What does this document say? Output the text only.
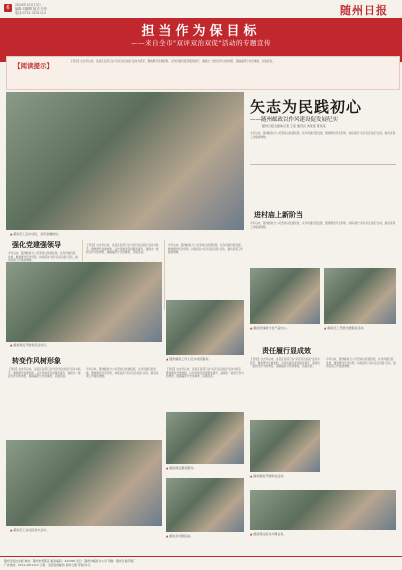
6	2024年10月13日
编辑:刘鹏辉 版式:吕彤
电话:0722-3251113	随州日报
担当作为保目标
——来自全市"双评双治双促"活动的专题宣传
【阅读提示】
【导读】自去年以来，各县区各部门以"双评双治双促"活动为抓手，聚焦群众急难愁盼，以作风建设促进服务提升，涌现出一批担当作为的典型，现摘编部分先进事迹，以飨读者。
▲ 邮政员工走访村民，宣传金融知识。
矢志为民践初心
——随州邮政以作风建设促发展纪实
随州日报全媒体记者 王某 通讯员 刘某某 陈某某
今年以来，随州邮政分公司坚持以党建统领，以作风建设促发展，聚焦群众所急所盼，持续深化"双评双治双促"活动，推动各项工作提质增效。
进村庙上新阶当
今年以来，随州邮政分公司坚持以党建统领，以作风建设促发展，聚焦群众所急所盼，持续深化"双评双治双促"活动，推动各项工作提质增效。
强化党建强领导
今年以来，随州邮政分公司坚持以党建统领，以作风建设促发展，聚焦群众所急所盼，持续深化"双评双治双促"活动，推动各项工作提质增效。
【导读】自去年以来，各县区各部门以"双评双治双促"活动为抓手，聚焦群众急难愁盼，以作风建设促进服务提升，涌现出一批担当作为的典型，现摘编部分先进事迹，以飨读者。
今年以来，随州邮政分公司坚持以党建统领，以作风建设促发展，聚焦群众所急所盼，持续深化"双评双治双促"活动，推动各项工作提质增效。
▲ 邮政网点开展党员活动日。
▲ 随州邮政工作人员为村民服务。
▲ 邮政快递助力农产品出山。
▲	邮政员工开展志愿服务活动。
责任履行显成效
【导读】自去年以来，各县区各部门以"双评双治双促"活动为抓手，聚焦群众急难愁盼，以作风建设促进服务提升，涌现出一批担当作为的典型，现摘编部分先进事迹，以飨读者。
今年以来，随州邮政分公司坚持以党建统领，以作风建设促发展，聚焦群众所急所盼，持续深化"双评双治双促"活动，推动各项工作提质增效。
转变作风树形象
【导读】自去年以来，各县区各部门以"双评双治双促"活动为抓手，聚焦群众急难愁盼，以作风建设促进服务提升，涌现出一批担当作为的典型，现摘编部分先进事迹，以飨读者。
今年以来，随州邮政分公司坚持以党建统领，以作风建设促发展，聚焦群众所急所盼，持续深化"双评双治双促"活动，推动各项工作提质增效。
【导读】自去年以来，各县区各部门以"双评双治双促"活动为抓手，聚焦群众急难愁盼，以作风建设促进服务提升，涌现出一批担当作为的典型，现摘编部分先进事迹，以飨读者。
▲ 邮政网点服务群众。
▲ 邮政乡村揽投站。
▲ 邮政员工在村民家中走访。
▲ 随州邮政开展助农活动。
▲ 邮政网点柜台办理业务。
随州日报社出版 地址：随州市曾都区 邮政编码：441300 发行：随州市邮政分公司 印刷：随州日报印刷厂
广告热线：0722-3251113 订阅：全国各地邮局 每周七期 零售价1元
